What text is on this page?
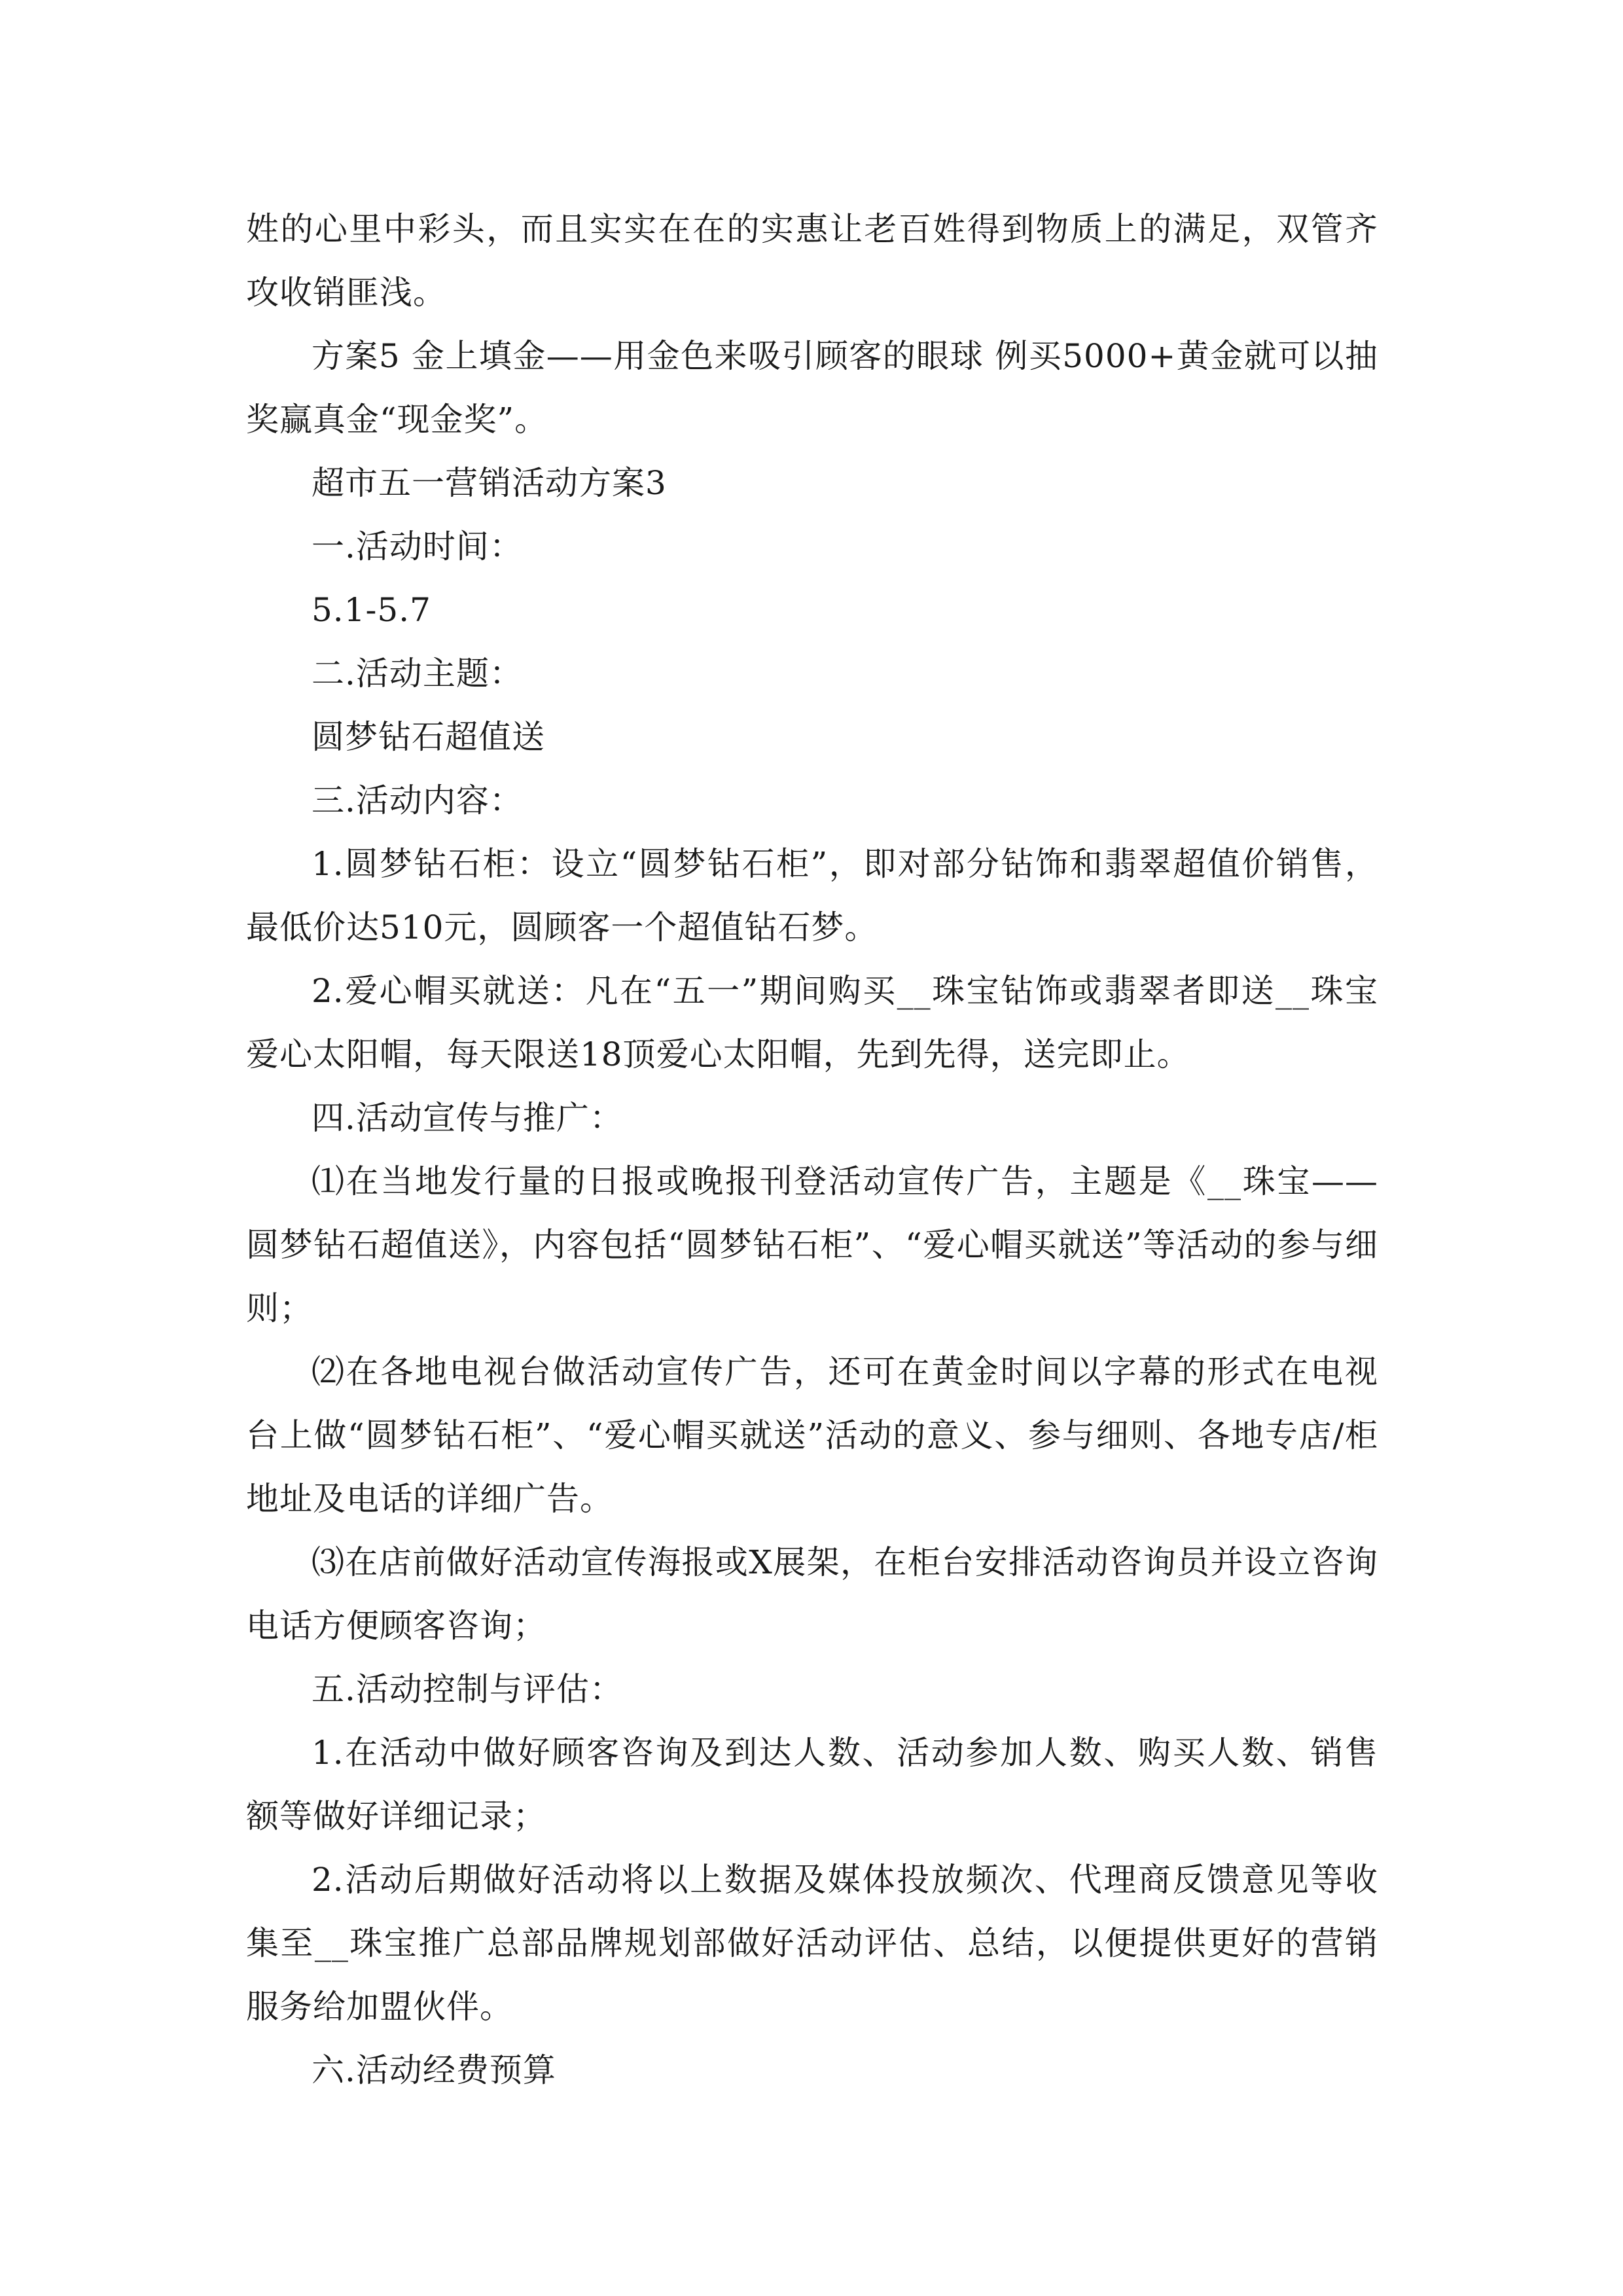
姓的心里中彩头，而且实实在在的实惠让老百姓得到物质上的满足，双管齐攻收销匪浅。

方案5 金上填金——用金色来吸引顾客的眼球 例买5000+黄金就可以抽奖赢真金“现金奖”。

超市五一营销活动方案3

一.活动时间：

5.1-5.7

二.活动主题：

圆梦钻石超值送

三.活动内容：

1.圆梦钻石柜：设立“圆梦钻石柜”，即对部分钻饰和翡翠超值价销售，最低价达510元，圆顾客一个超值钻石梦。

2.爱心帽买就送：凡在“五一”期间购买__珠宝钻饰或翡翠者即送__珠宝爱心太阳帽，每天限送18顶爱心太阳帽，先到先得，送完即止。

四.活动宣传与推广：

⑴在当地发行量的日报或晚报刊登活动宣传广告，主题是《__珠宝——圆梦钻石超值送》，内容包括“圆梦钻石柜”、“爱心帽买就送”等活动的参与细则；

⑵在各地电视台做活动宣传广告，还可在黄金时间以字幕的形式在电视台上做“圆梦钻石柜”、“爱心帽买就送”活动的意义、参与细则、各地专店/柜地址及电话的详细广告。

⑶在店前做好活动宣传海报或X展架，在柜台安排活动咨询员并设立咨询电话方便顾客咨询；

五.活动控制与评估：

1.在活动中做好顾客咨询及到达人数、活动参加人数、购买人数、销售额等做好详细记录；

2.活动后期做好活动将以上数据及媒体投放频次、代理商反馈意见等收集至__珠宝推广总部品牌规划部做好活动评估、总结，以便提供更好的营销服务给加盟伙伴。

六.活动经费预算
